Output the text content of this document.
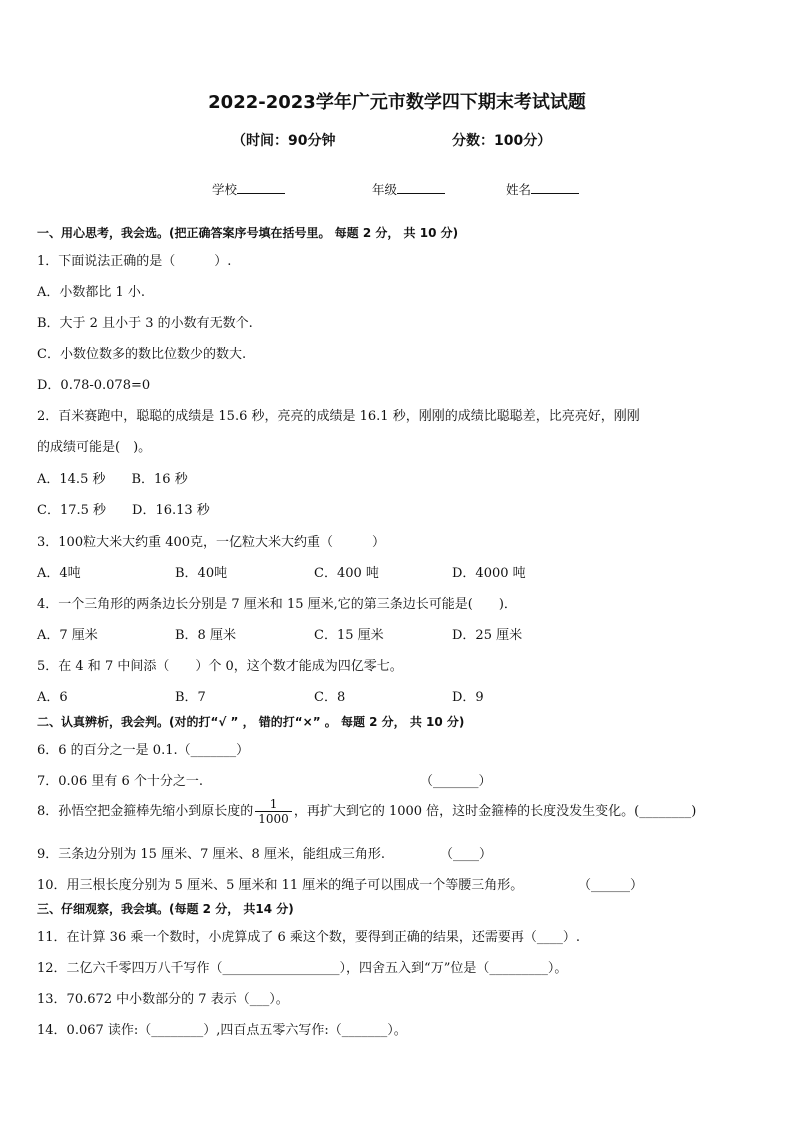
2022-2023学年广元市数学四下期末考试试题
（时间：90分钟	分数：100分）
学校	年级	姓名
一、用心思考，我会选。(把正确答案序号填在括号里。 每题 2 分， 共 10 分)
1．下面说法正确的是（　　　）.
A．小数都比 1 小.
B．大于 2 且小于 3 的小数有无数个.
C．小数位数多的数比位数少的数大.
D．0.78-0.078=0
2．百米赛跑中，聪聪的成绩是 15.6 秒，亮亮的成绩是 16.1 秒，刚刚的成绩比聪聪差，比亮亮好，刚刚
的成绩可能是(　)。
A．14.5 秒　　B．16 秒
C．17.5 秒　　D．16.13 秒
3．100粒大米大约重 400克，一亿粒大米大约重（　　　）
A．4吨	B．40吨	C．400 吨	D．4000 吨
4．一个三角形的两条边长分别是 7 厘米和 15 厘米,它的第三条边长可能是(　　)．
A．7 厘米	B．8 厘米	C．15 厘米	D．25 厘米
5．在 4 和 7 中间添（　　）个 0，这个数才能成为四亿零七。
A．6	B．7	C．8	D．9
二、认真辨析，我会判。(对的打“√ ” ， 错的打“×” 。 每题 2 分， 共 10 分)
6．6 的百分之一是 0.1.（_______）
7．0.06 里有 6 个十分之一.	（_______）
8．孙悟空把金箍棒先缩小到原长度的 $\frac{1}{1000}$ ，再扩大到它的 1000 倍，这时金箍棒的长度没发生变化。(________)
9．三条边分别为 15 厘米、7 厘米、8 厘米，能组成三角形.	（____）
10．用三根长度分别为 5 厘米、5 厘米和 11 厘米的绳子可以围成一个等腰三角形。	（______）
三、仔细观察，我会填。(每题 2 分， 共14 分)
11．在计算 36 乘一个数时，小虎算成了 6 乘这个数，要得到正确的结果，还需要再（____）.
12．二亿六千零四万八千写作（__________________），四舍五入到“万”位是（_________）。
13．70.672 中小数部分的 7 表示（___）。
14．0.067 读作:（________）,四百点五零六写作:（_______）。
